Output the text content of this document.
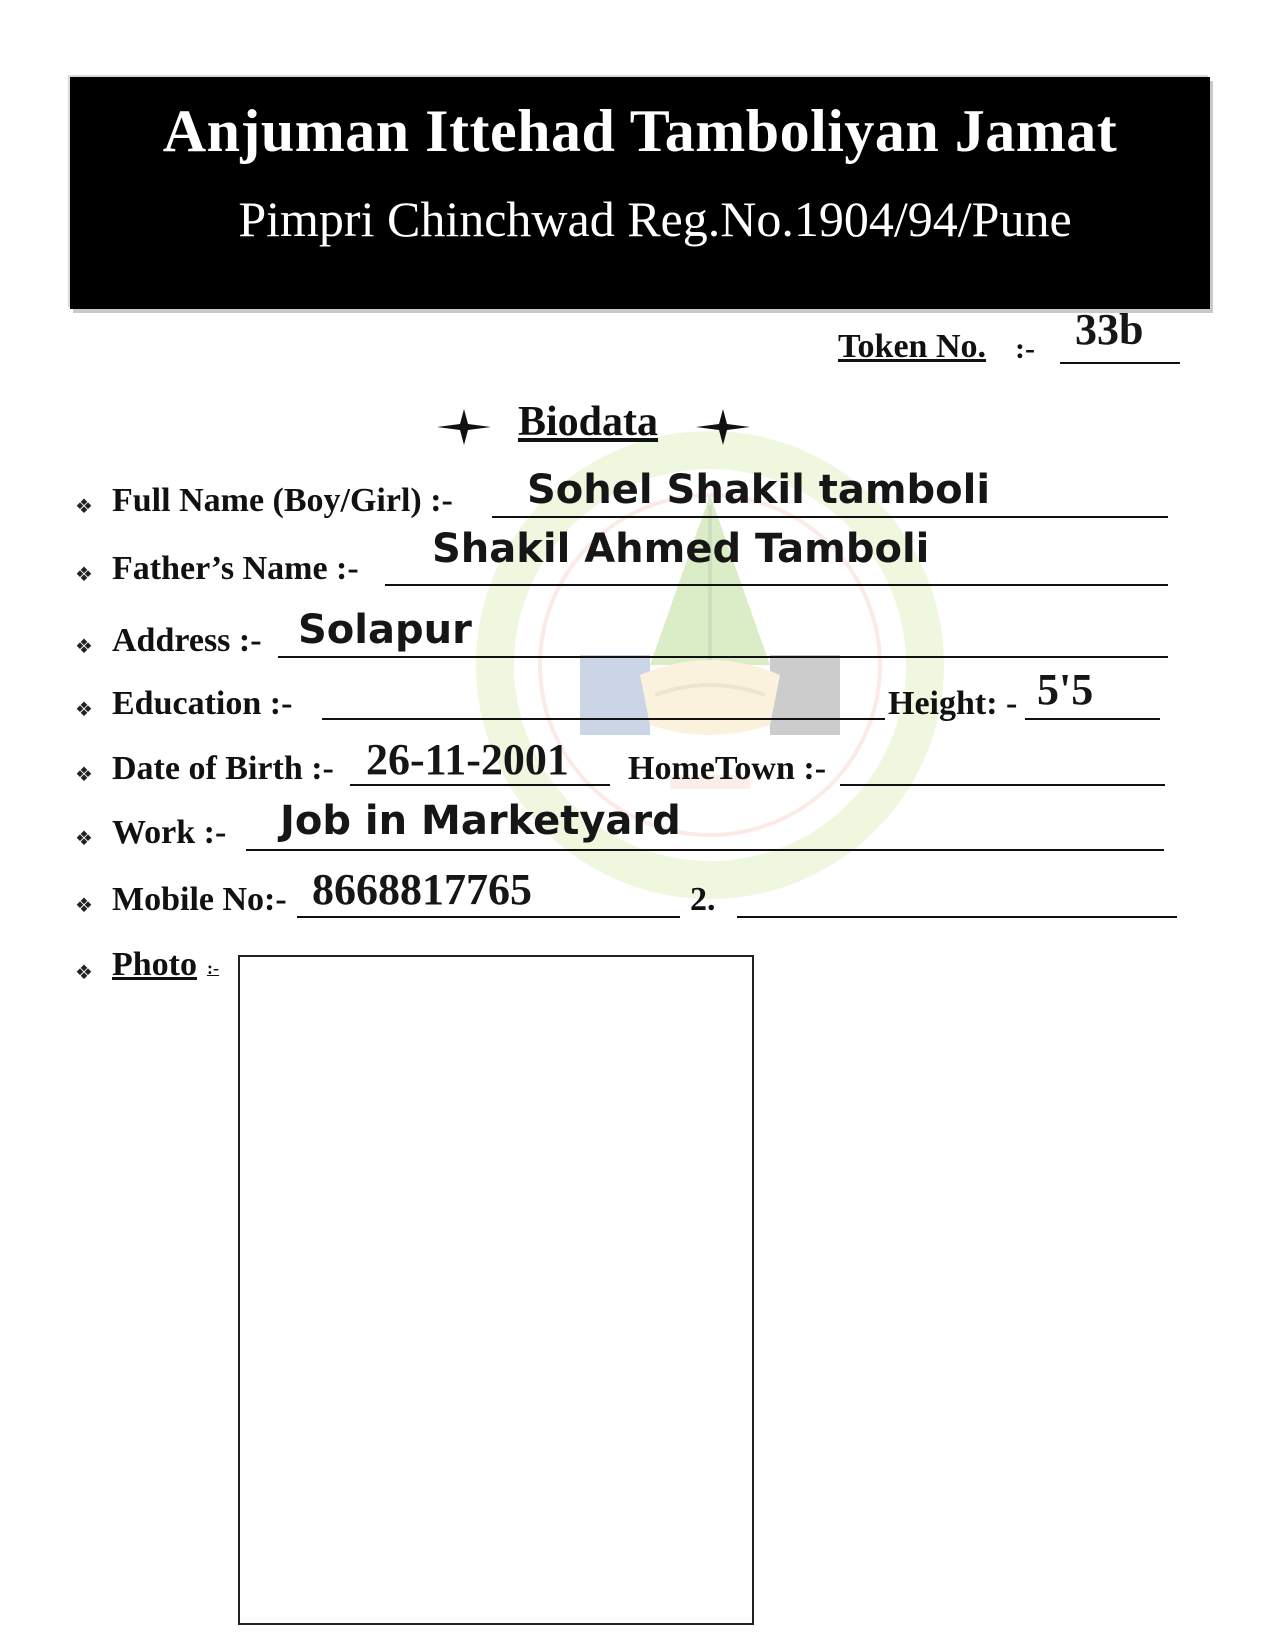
Anjuman Ittehad Tamboliyan Jamat
Pimpri Chinchwad Reg.No.1904/94/Pune
Token No. :- 33b
Biodata
❖ Full Name (Boy/Girl) :- Sohel Shakil tamboli
❖ Father’s Name :- Shakil Ahmed Tamboli
❖ Address :- Solapur
❖ Education :-	Height: - 5'5
❖ Date of Birth :- 26-11-2001 HomeTown :-
❖ Work :- Job in Marketyard
❖ Mobile No:- 8668817765	2.
❖ Photo :-
